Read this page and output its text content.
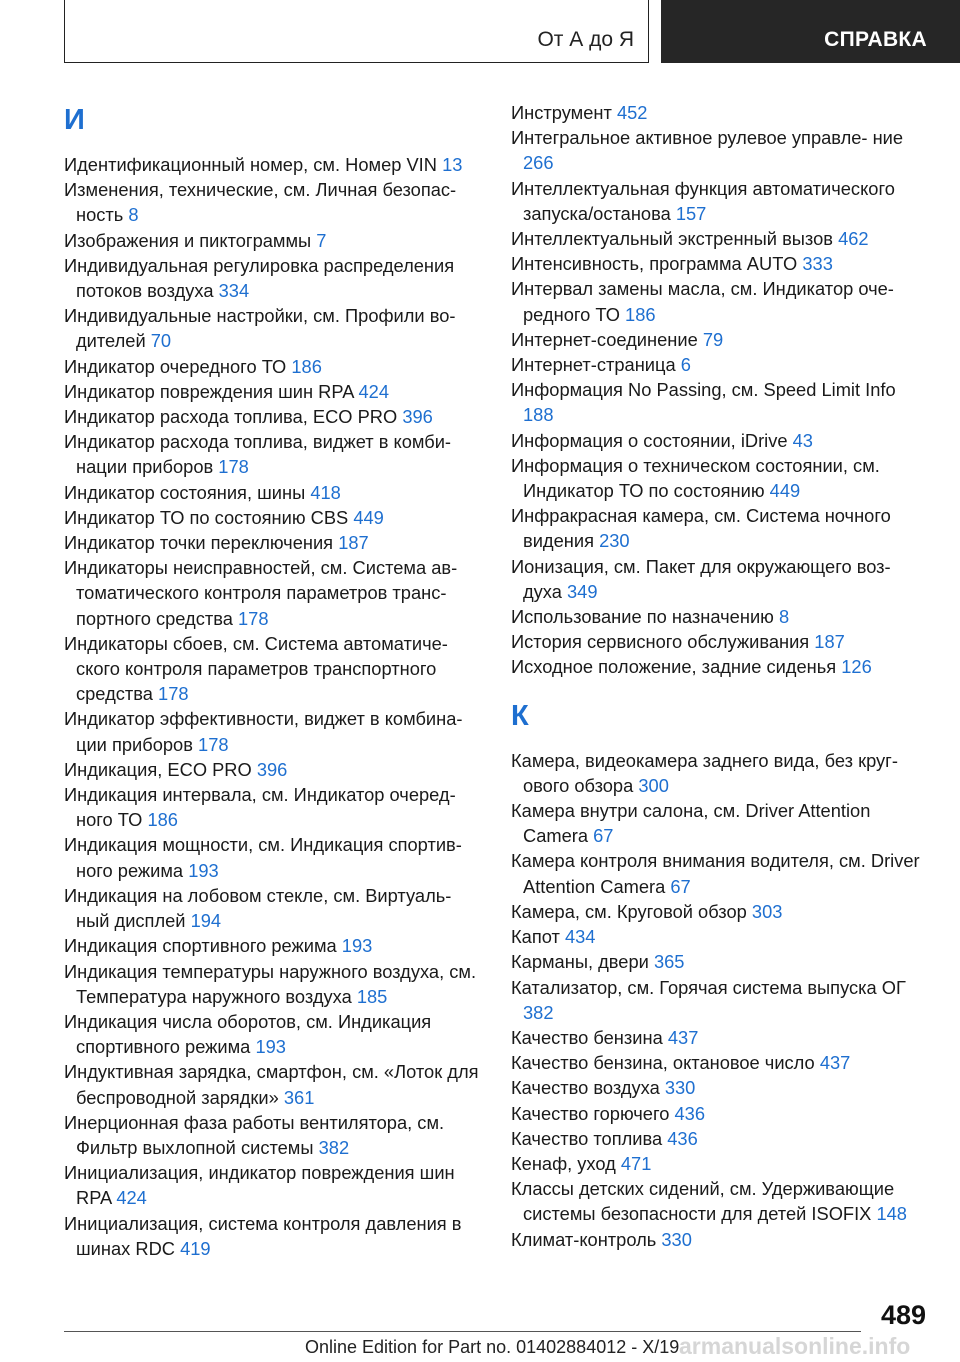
От А до Я	СПРАВКА
И
Идентификационный номер, см. Номер VIN 13
Изменения, технические, см. Личная безопас- ность 8
Изображения и пиктограммы 7
Индивидуальная регулировка распределения потоков воздуха 334
Индивидуальные настройки, см. Профили во- дителей 70
Индикатор очередного ТО 186
Индикатор повреждения шин RPA 424
Индикатор расхода топлива, ECO PRO 396
Индикатор расхода топлива, виджет в комби- нации приборов 178
Индикатор состояния, шины 418
Индикатор ТО по состоянию CBS 449
Индикатор точки переключения 187
Индикаторы неисправностей, см. Система ав- томатического контроля параметров транс- портного средства 178
Индикаторы сбоев, см. Система автоматиче- ского контроля параметров транспортного средства 178
Индикатор эффективности, виджет в комбина- ции приборов 178
Индикация, ECO PRO 396
Индикация интервала, см. Индикатор очеред- ного ТО 186
Индикация мощности, см. Индикация спортив- ного режима 193
Индикация на лобовом стекле, см. Виртуаль- ный дисплей 194
Индикация спортивного режима 193
Индикация температуры наружного воздуха, см. Температура наружного воздуха 185
Индикация числа оборотов, см. Индикация спортивного режима 193
Индуктивная зарядка, смартфон, см. «Лоток для беспроводной зарядки» 361
Инерционная фаза работы вентилятора, см. Фильтр выхлопной системы 382
Инициализация, индикатор повреждения шин RPA 424
Инициализация, система контроля давления в шинах RDC 419
Инструмент 452
Интегральное активное рулевое управле- ние 266
Интеллектуальная функция автоматического запуска/останова 157
Интеллектуальный экстренный вызов 462
Интенсивность, программа AUTO 333
Интервал замены масла, см. Индикатор оче- редного ТО 186
Интернет-соединение 79
Интернет-страница 6
Информация No Passing, см. Speed Limit Info 188
Информация о состоянии, iDrive 43
Информация о техническом состоянии, см. Индикатор ТО по состоянию 449
Инфракрасная камера, см. Система ночного видения 230
Ионизация, см. Пакет для окружающего воз- духа 349
Использование по назначению 8
История сервисного обслуживания 187
Исходное положение, задние сиденья 126
К
Камера, видеокамера заднего вида, без круг- ового обзора 300
Камера внутри салона, см. Driver Attention Camera 67
Камера контроля внимания водителя, см. Driver Attention Camera 67
Камера, см. Круговой обзор 303
Капот 434
Карманы, двери 365
Катализатор, см. Горячая система выпуска ОГ 382
Качество бензина 437
Качество бензина, октановое число 437
Качество воздуха 330
Качество горючего 436
Качество топлива 436
Кенаф, уход 471
Классы детских сидений, см. Удерживающие системы безопасности для детей ISOFIX 148
Климат-контроль 330
489
Online Edition for Part no. 01402884012 - X/19 armanualsonline.info
